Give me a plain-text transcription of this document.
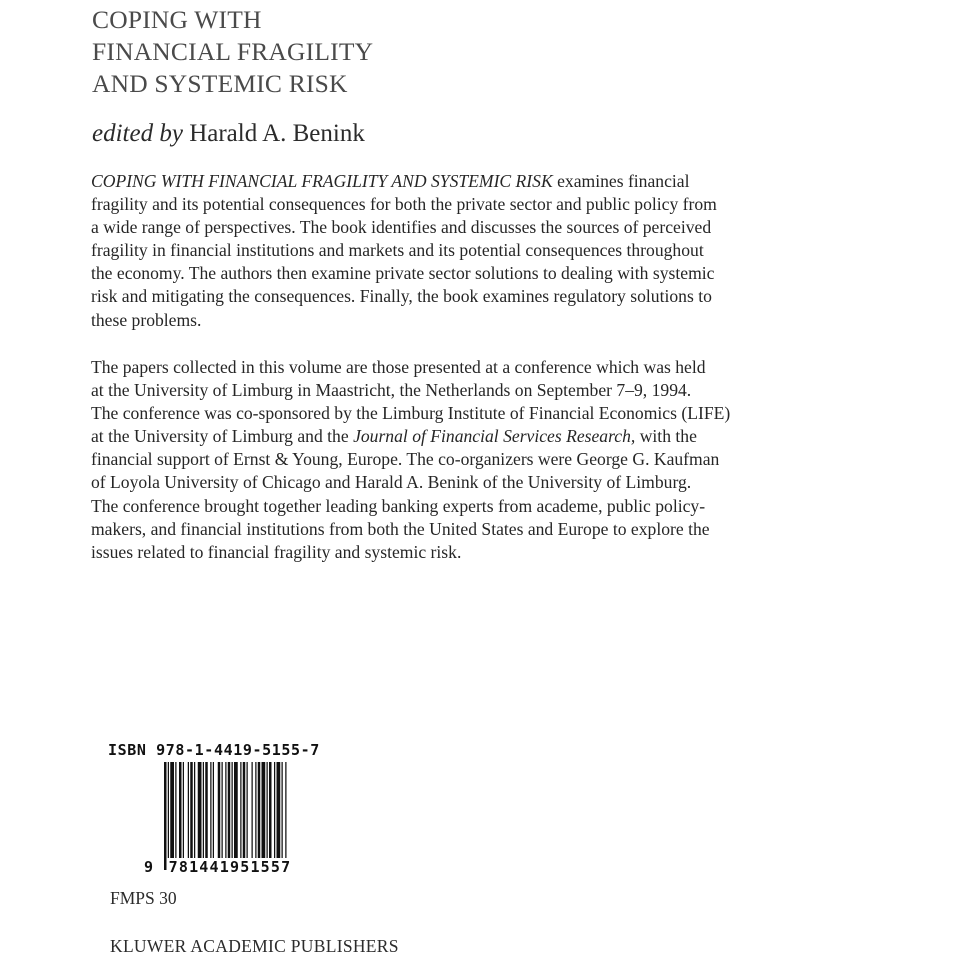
COPING WITH
FINANCIAL FRAGILITY
AND SYSTEMIC RISK
edited by Harald A. Benink
COPING WITH FINANCIAL FRAGILITY AND SYSTEMIC RISK examines financial
fragility and its potential consequences for both the private sector and public policy from
a wide range of perspectives. The book identifies and discusses the sources of perceived
fragility in financial institutions and markets and its potential consequences throughout
the economy. The authors then examine private sector solutions to dealing with systemic
risk and mitigating the consequences. Finally, the book examines regulatory solutions to
these problems.
The papers collected in this volume are those presented at a conference which was held
at the University of Limburg in Maastricht, the Netherlands on September 7–9, 1994.
The conference was co-sponsored by the Limburg Institute of Financial Economics (LIFE)
at the University of Limburg and the Journal of Financial Services Research, with the
financial support of Ernst & Young, Europe. The co-organizers were George G. Kaufman
of Loyola University of Chicago and Harald A. Benink of the University of Limburg.
The conference brought together leading banking experts from academe, public policy-
makers, and financial institutions from both the United States and Europe to explore the
issues related to financial fragility and systemic risk.
ISBN 978-1-4419-5155-7
9 781441951557
FMPS 30
KLUWER ACADEMIC PUBLISHERS
